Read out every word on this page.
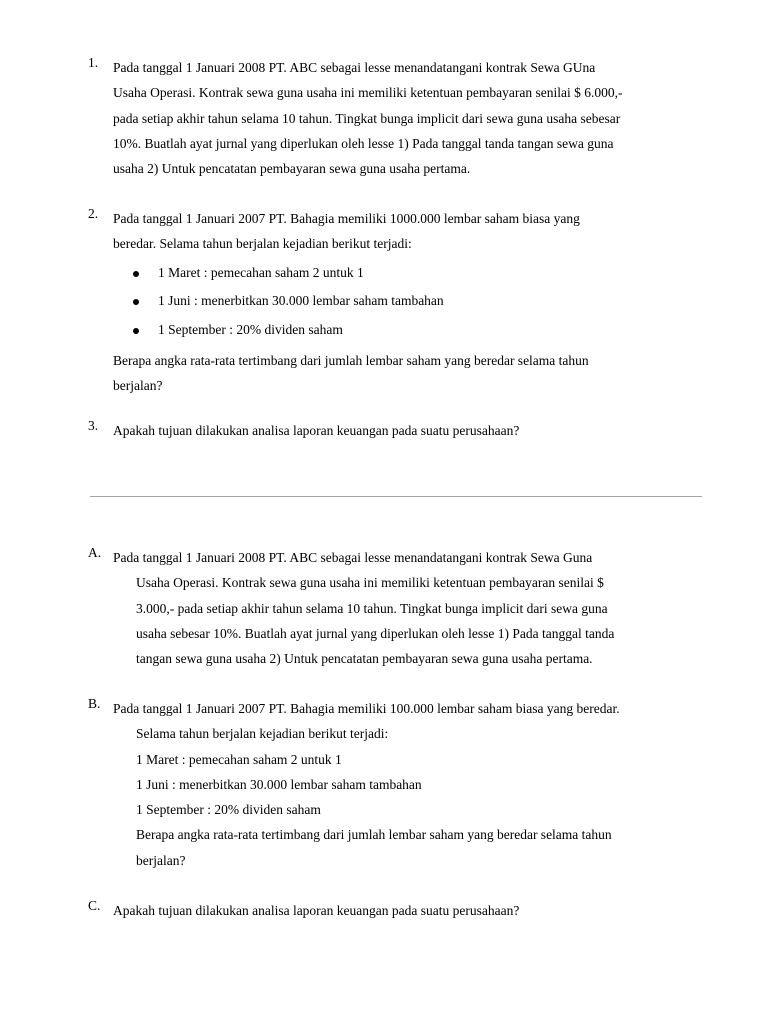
1. Pada tanggal 1 Januari 2008 PT. ABC sebagai lesse menandatangani kontrak Sewa GUna

Usaha Operasi. Kontrak sewa guna usaha ini memiliki ketentuan pembayaran senilai $ 6.000,-

pada setiap akhir tahun selama 10 tahun. Tingkat bunga implicit dari sewa guna usaha sebesar

10%. Buatlah ayat jurnal yang diperlukan oleh lesse 1) Pada tanggal tanda tangan sewa guna

usaha 2) Untuk pencatatan pembayaran sewa guna usaha pertama.

2. Pada tanggal 1 Januari 2007 PT. Bahagia memiliki 1000.000 lembar saham biasa yang

beredar. Selama tahun berjalan kejadian berikut terjadi:

1 Maret : pemecahan saham 2 untuk 1
1 Juni : menerbitkan 30.000 lembar saham tambahan
1 September : 20% dividen saham

Berapa angka rata-rata tertimbang dari jumlah lembar saham yang beredar selama tahun

berjalan?

3. Apakah tujuan dilakukan analisa laporan keuangan pada suatu perusahaan?

A. Pada tanggal 1 Januari 2008 PT. ABC sebagai lesse menandatangani kontrak Sewa Guna

Usaha Operasi. Kontrak sewa guna usaha ini memiliki ketentuan pembayaran senilai $

3.000,- pada setiap akhir tahun selama 10 tahun. Tingkat bunga implicit dari sewa guna

usaha sebesar 10%. Buatlah ayat jurnal yang diperlukan oleh lesse 1) Pada tanggal tanda

tangan sewa guna usaha 2) Untuk pencatatan pembayaran sewa guna usaha pertama.

B. Pada tanggal 1 Januari 2007 PT. Bahagia memiliki 100.000 lembar saham biasa yang beredar.

Selama tahun berjalan kejadian berikut terjadi:

1 Maret : pemecahan saham 2 untuk 1

1 Juni : menerbitkan 30.000 lembar saham tambahan

1 September : 20% dividen saham

Berapa angka rata-rata tertimbang dari jumlah lembar saham yang beredar selama tahun

berjalan?

C. Apakah tujuan dilakukan analisa laporan keuangan pada suatu perusahaan?
